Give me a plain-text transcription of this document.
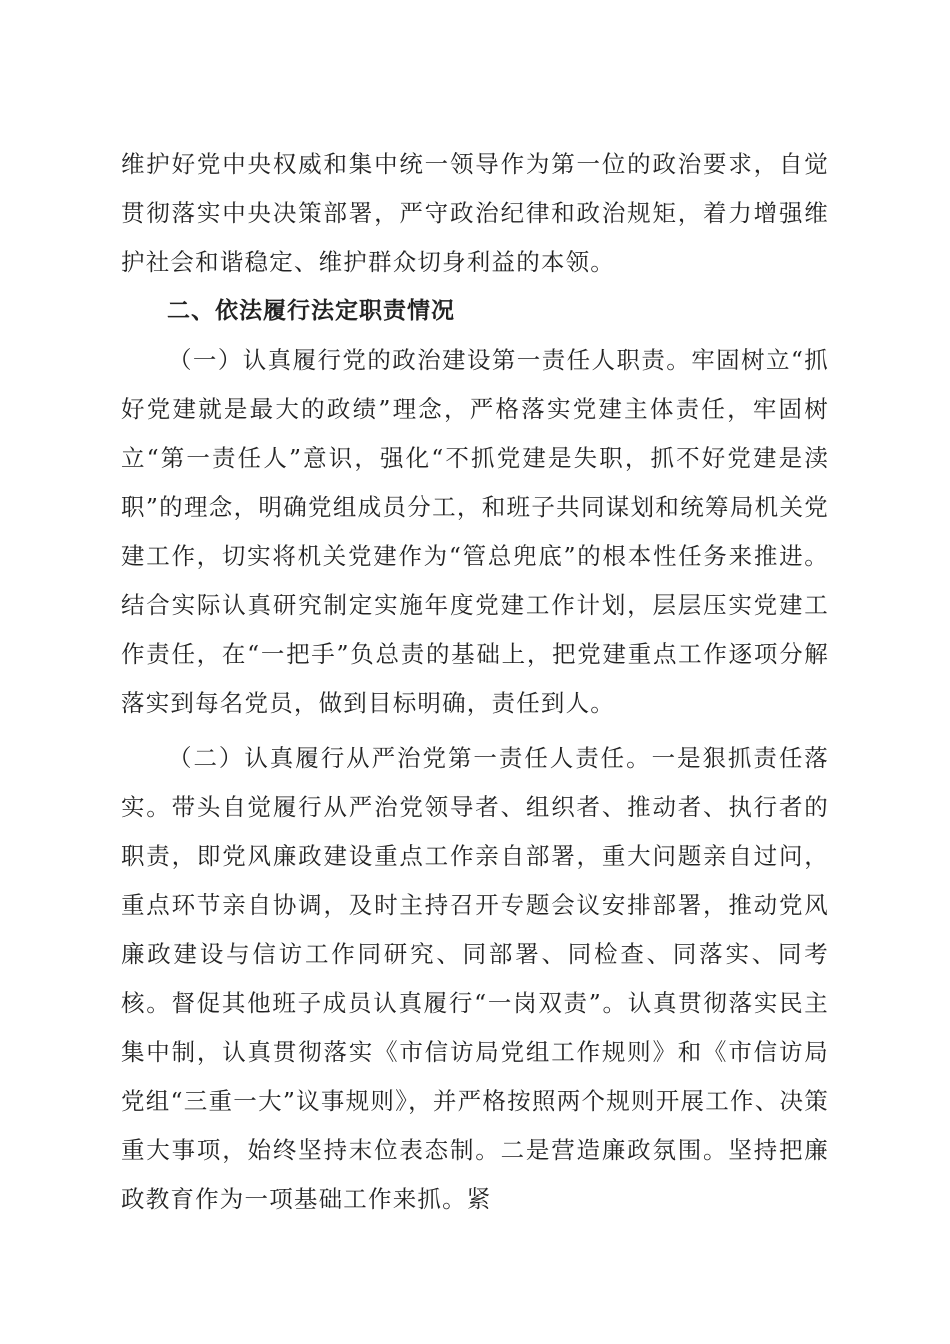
维护好党中央权威和集中统一领导作为第一位的政治要求，自觉贯彻落实中央决策部署，严守政治纪律和政治规矩，着力增强维护社会和谐稳定、维护群众切身利益的本领。

二、依法履行法定职责情况

（一）认真履行党的政治建设第一责任人职责。牢固树立“抓好党建就是最大的政绩”理念，严格落实党建主体责任，牢固树立“第一责任人”意识，强化“不抓党建是失职，抓不好党建是渎职”的理念，明确党组成员分工，和班子共同谋划和统筹局机关党建工作，切实将机关党建作为“管总兜底”的根本性任务来推进。结合实际认真研究制定实施年度党建工作计划，层层压实党建工作责任，在“一把手”负总责的基础上，把党建重点工作逐项分解落实到每名党员，做到目标明确，责任到人。

（二）认真履行从严治党第一责任人责任。一是狠抓责任落实。带头自觉履行从严治党领导者、组织者、推动者、执行者的职责，即党风廉政建设重点工作亲自部署，重大问题亲自过问，重点环节亲自协调，及时主持召开专题会议安排部署，推动党风廉政建设与信访工作同研究、同部署、同检查、同落实、同考核。督促其他班子成员认真履行“一岗双责”。认真贯彻落实民主集中制，认真贯彻落实《市信访局党组工作规则》和《市信访局党组“三重一大”议事规则》，并严格按照两个规则开展工作、决策重大事项，始终坚持末位表态制。二是营造廉政氛围。坚持把廉政教育作为一项基础工作来抓。紧
